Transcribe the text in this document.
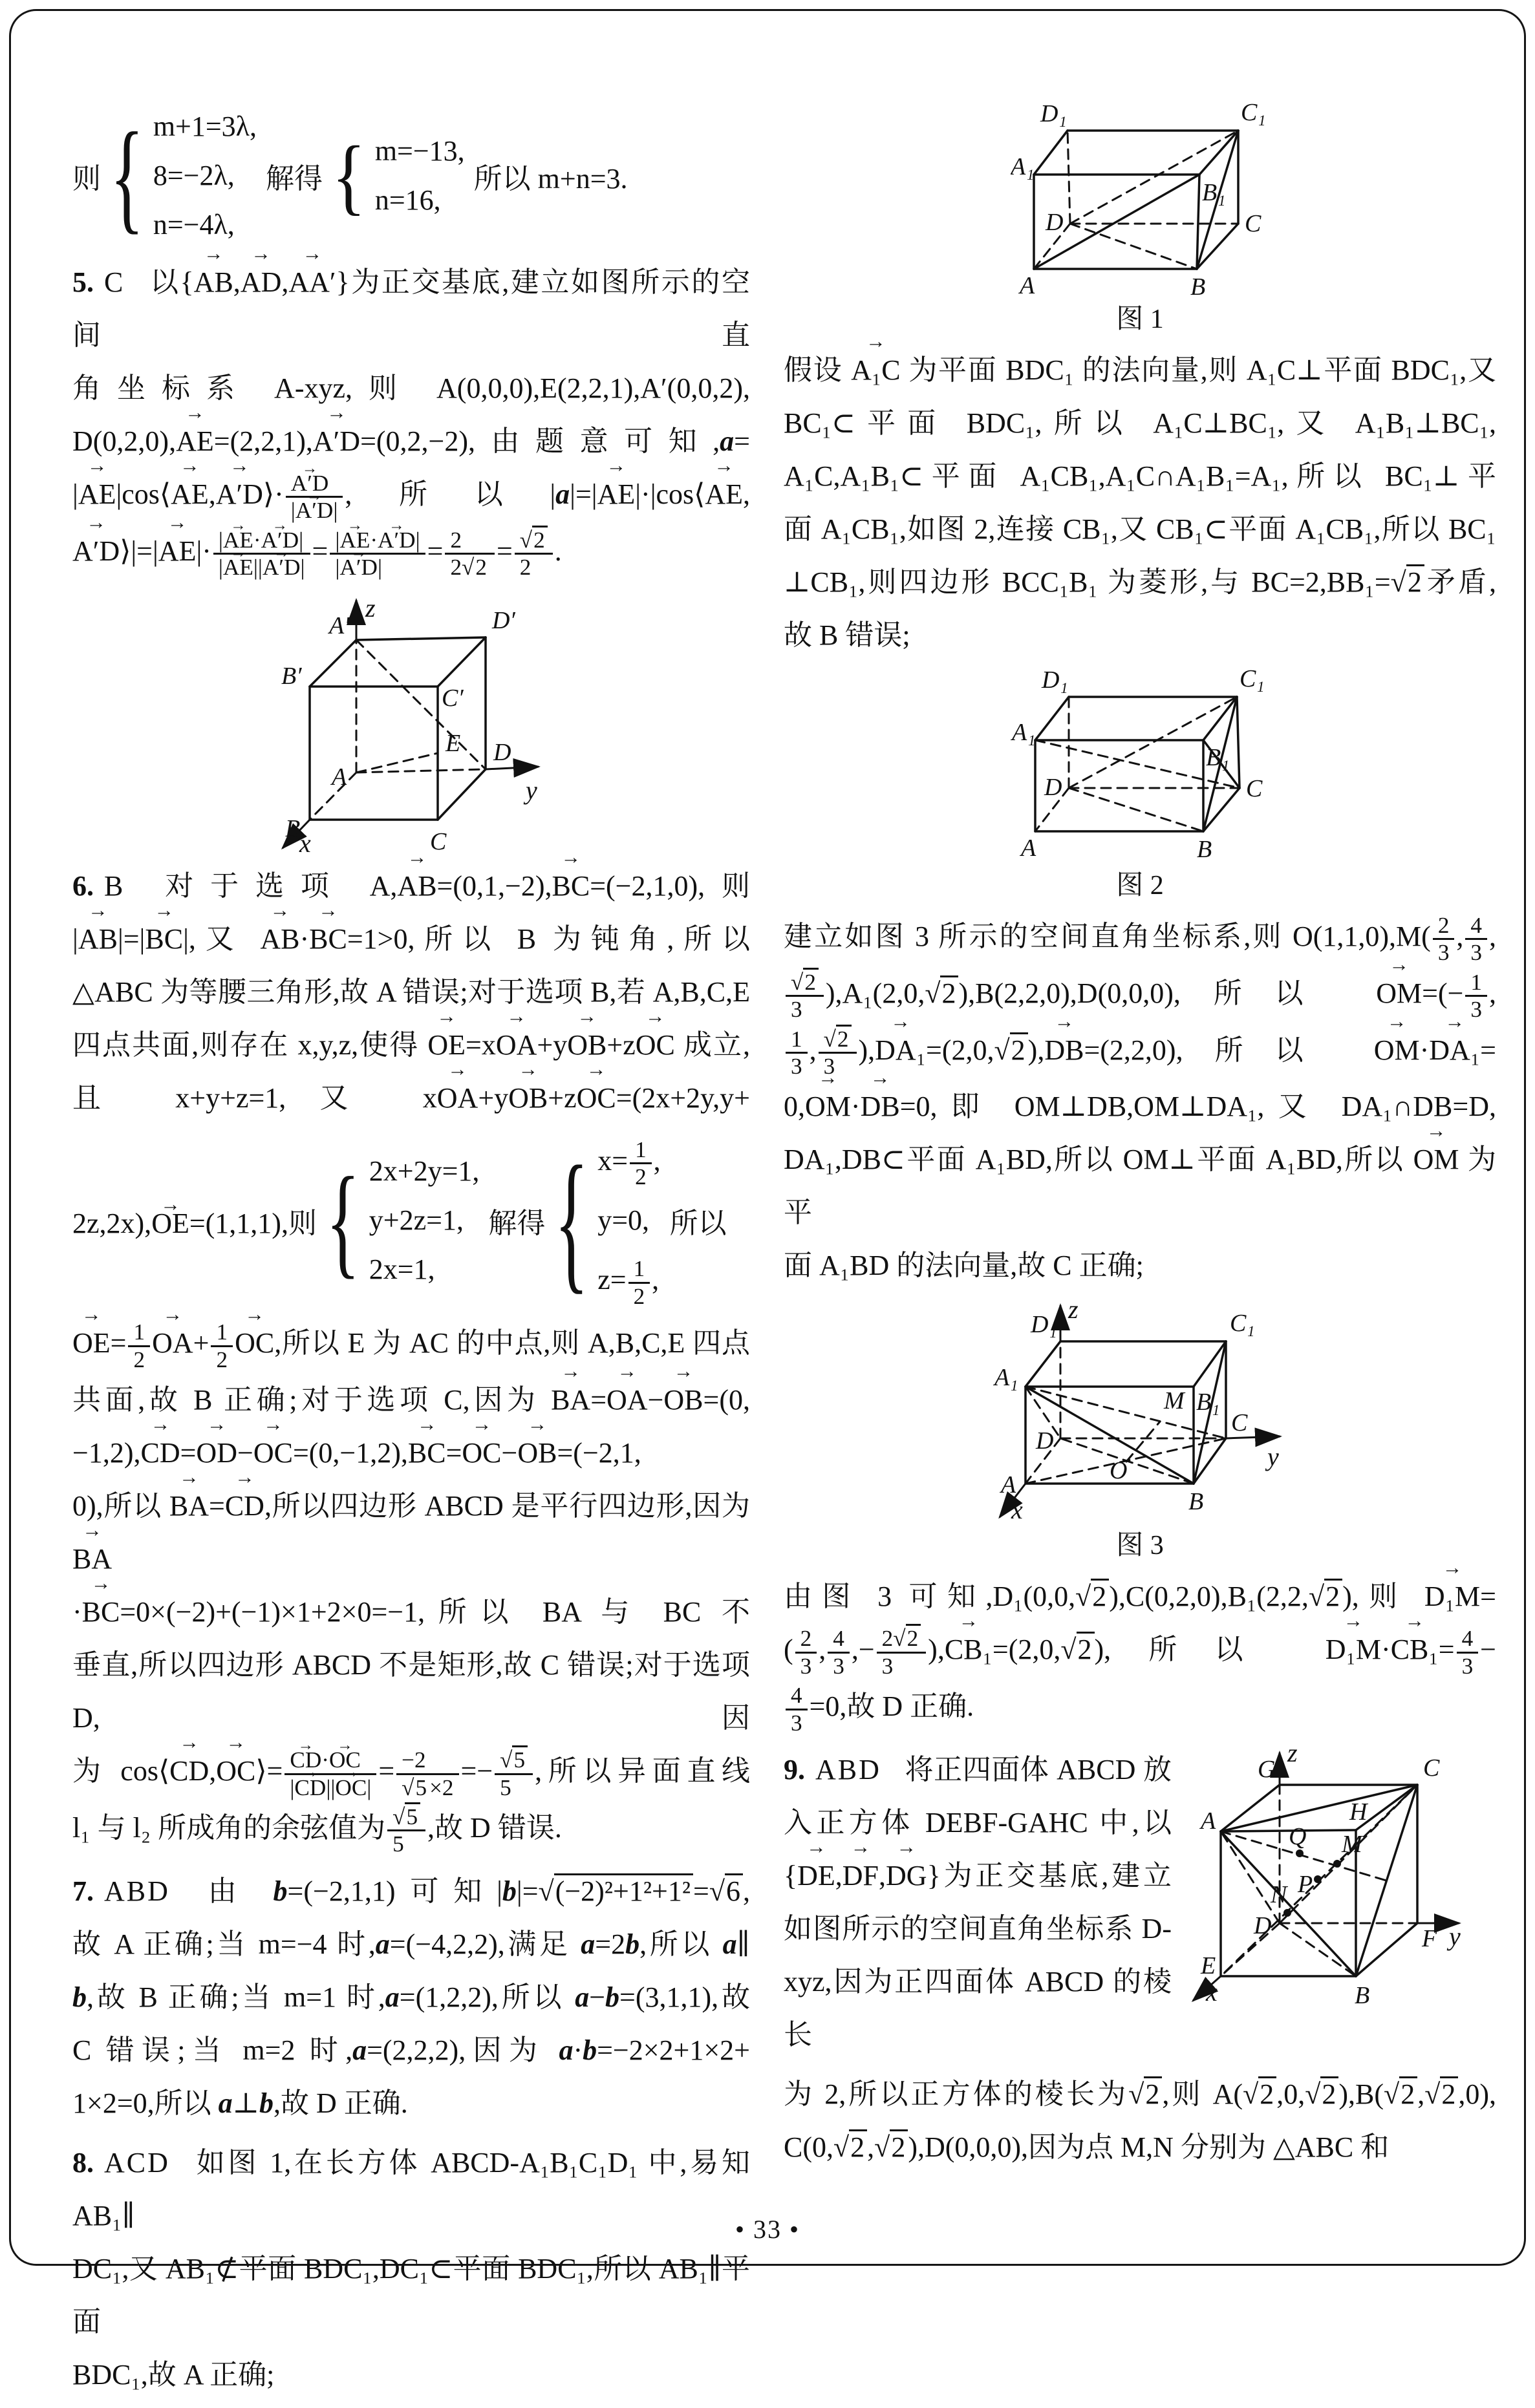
则 { m+1=3λ,
8=−2λ,
n=−4λ,
解得 { m=−13,
n=16,
所以 m+n=3.
5. C 以{→ AB,→ AD,→ AA′}为正交基底,建立如图所示的空间直
角坐标系 A-xyz,则 A(0,0,0),E(2,2,1),A′(0,0,2),
D(0,2,0),→ AE=(2,2,1),→ A′D=(0,2,−2),由题意可知,a=
|→ AE|cos⟨→ AE,→ A′D⟩· → $\frac{A'D}{|\to A'D|}$ ,所以|a|=|→ AE|·|cos⟨→ AE,
→ A′D⟩|=|→ $AE|\cdot \frac{|\to AE\cdot\to A'D|}{|\to AE||\to A'D|} = \frac{|\to AE\cdot\to A'D|}{|\to A'D|} = \frac{2}{2√2} = \frac{√2}{2}$ .
z
A′	D′
B′
C′
A
E D
y
B	C
x
6. B 对于选项 A,→ AB=(0,1,−2),→ BC=(−2,1,0),则
|→ AB|=|→ BC|,又 → AB·→ BC=1>0,所以 B 为钝角,所以
△ABC 为等腰三角形,故 A 错误;对于选项 B,若 A,B,C,E
四点共面,则存在 x,y,z,使得 → OE=x→ OA+y→ OB+z→ OC 成立,
且 x+y+z=1,又 x→ OA+y→ OB+z→ OC=(2x+2y,y+
2z,2x),→ OE=(1,1,1),则 { 2x+2y=1,
y+2z=1,
2x=1,
解得 { $x= \frac{1}{2}$ ,
y=0,
$z= \frac{1}{2}$ ,
所以
→ $OE= \frac{1}{2} \to OA+ \frac{1}{2}$ → OC,所以 E 为 AC 的中点,则 A,B,C,E 四点
共面,故 B 正确;对于选项 C,因为 → BA=→ OA−→ OB=(0,
−1,2),→ CD=→ OD−→ OC=(0,−1,2),→ BC=→ OC−→ OB=(−2,1,
0),所以 → BA=→ CD,所以四边形 ABCD 是平行四边形,因为 → BA
·→ BC=0×(−2)+(−1)×1+2×0=−1,所以 BA 与 BC 不
垂直,所以四边形 ABCD 不是矩形,故 C 错误;对于选项 D,因
为 cos⟨→ CD,→ OC⟩= → $\frac{CD\cdot\to OC}{|\to CD||\to OC|} = \frac{-2}{√5 \times 2} =- \frac{√5}{5}$ ,所以异面直线
l₁ 与 l₂ 所成角的余弦值为 $\frac{√5}{5}$ ,故 D 错误.
7. ABD 由 b=(−2,1,1)可知|b|=√(−2)²+1²+1²=√6,
故 A 正确;当 m=−4 时,a=(−4,2,2),满足 a=2b,所以 a∥
b,故 B 正确;当 m=1 时,a=(1,2,2),所以 a−b=(3,1,1),故
C 错误;当 m=2 时,a=(2,2,2),因为 a·b=−2×2+1×2+
1×2=0,所以 a⊥b,故 D 正确.
8. ACD 如图 1,在长方体 ABCD-A₁B₁C₁D₁ 中,易知 AB₁∥
DC₁,又 AB₁⊄平面 BDC₁,DC₁⊂平面 BDC₁,所以 AB₁∥平面
BDC₁,故 A 正确;
D₁	C₁
A₁
B₁
D	C
A	B
图 1
假设 → A₁C 为平面 BDC₁ 的法向量,则 A₁C⊥平面 BDC₁,又
BC₁⊂平面 BDC₁,所以 A₁C⊥BC₁,又 A₁B₁⊥BC₁,
A₁C,A₁B₁⊂平面 A₁CB₁,A₁C∩A₁B₁=A₁,所以 BC₁⊥平
面 A₁CB₁,如图 2,连接 CB₁,又 CB₁⊂平面 A₁CB₁,所以 BC₁
⊥CB₁,则四边形 BCC₁B₁ 为菱形,与 BC=2,BB₁=√2矛盾,
故 B 错误;
D₁	C₁
A₁
B₁
D	C
A	B
图 2
建立如图 3 所示的空间直角坐标系,则 $O(1,1,0),M( \frac{2}{3}$ , $\frac{4}{3}$ ,
$\frac{√2}{3} ),A_1(2,0,√2),B(2,2,0),D(0,0,0)$,所以 → $OM=(- \frac{1}{3}$ ,
$\frac{1}{3}$ , $\frac{√2}{3}$ ),→ DA₁=(2,0,√2),→ DB=(2,2,0),所以 → OM·→ DA₁=
0,→ OM·→ DB=0,即 OM⊥DB,OM⊥DA₁,又 DA₁∩DB=D,
DA₁,DB⊂平面 A₁BD,所以 OM⊥平面 A₁BD,所以 → OM 为平
面 A₁BD 的法向量,故 C 正确;
z
D₁	C₁
A₁
B₁
M
C
y
D
O
A
B
x
图 3
由图 3 可知,D₁(0,0,√2),C(0,2,0),B₁(2,2,√2),则 → D₁M=
( $\frac{2}{3}$ , $\frac{4}{3}$ ,− $\frac{2√2}{3}$ ),→ CB₁=(2,0,√2),所以 → $D_1M\cdot\to CB_1= \frac{4}{3}$ −
$\frac{4}{3} =0$,故 D 正确.
9. ABD 将正四面体 ABCD 放
入正方体 DEBF-GAHC 中,以
{→ DE,→ DF,→ DG}为正交基底,建立
如图所示的空间直角坐标系 D-
xyz,因为正四面体 ABCD 的棱长
z
G	C
A	H
Q M
P
N
D
E
B
F y
x
为 2,所以正方体的棱长为√2,则 A(√2,0,√2),B(√2,√2,0),
C(0,√2,√2),D(0,0,0),因为点 M,N 分别为 △ABC 和
• 33 •
